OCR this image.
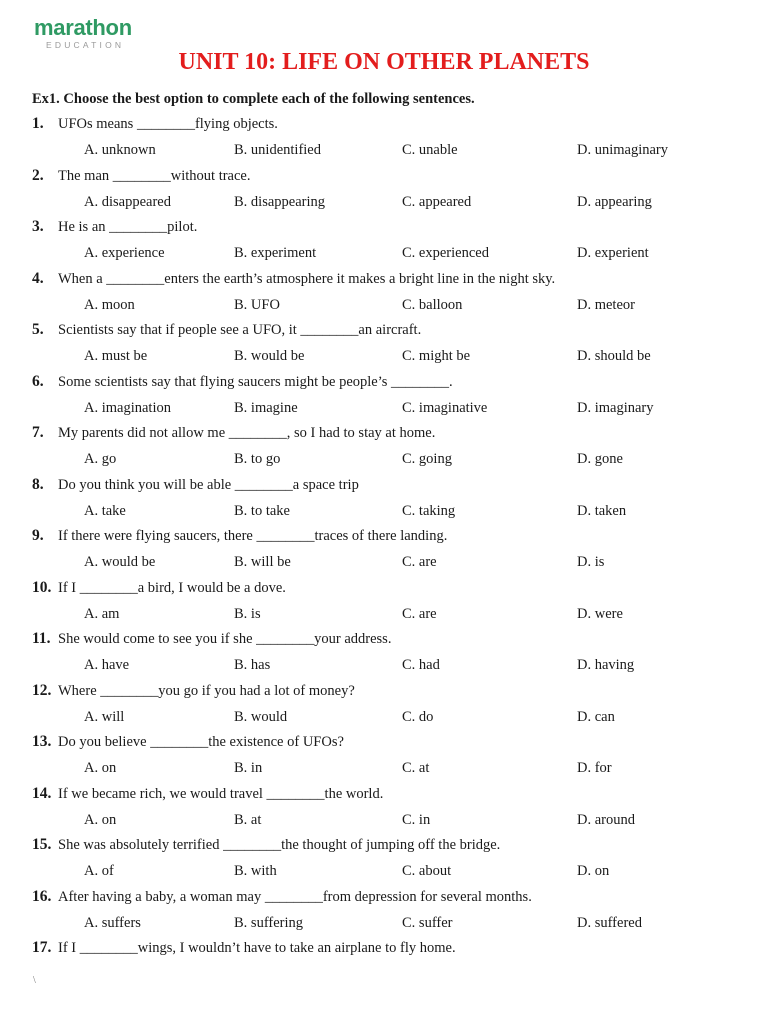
marathon
EDUCATION
UNIT 10: LIFE ON OTHER PLANETS
Ex1. Choose the best option to complete each of the following sentences.
1. UFOs means ________flying objects.
A. unknown	B. unidentified	C. unable	D. unimaginary
2. The man ________without trace.
A. disappeared	B. disappearing	C. appeared	D. appearing
3. He is an ________pilot.
A. experience	B. experiment	C. experienced	D. experient
4. When a ________enters the earth’s atmosphere it makes a bright line in the night sky.
A. moon	B. UFO	C. balloon	D. meteor
5. Scientists say that if people see a UFO, it ________an aircraft.
A. must be	B. would be	C. might be	D. should be
6. Some scientists say that flying saucers might be people’s ________.
A. imagination	B. imagine	C. imaginative	D. imaginary
7. My parents did not allow me ________, so I had to stay at home.
A. go	B. to go	C. going	D. gone
8. Do you think you will be able ________a space trip
A. take	B. to take	C. taking	D. taken
9. If there were flying saucers, there ________traces of there landing.
A. would be	B. will be	C. are	D. is
10. If I ________a bird, I would be a dove.
A. am	B. is	C. are	D. were
11. She would come to see you if she ________your address.
A. have	B. has	C. had	D. having
12. Where ________you go if you had a lot of money?
A. will	B. would	C. do	D. can
13. Do you believe ________the existence of UFOs?
A. on	B. in	C. at	D. for
14. If we became rich, we would travel ________the world.
A. on	B. at	C. in	D. around
15. She was absolutely terrified ________the thought of jumping off the bridge.
A. of	B. with	C. about	D. on
16. After having a baby, a woman may ________from depression for several months.
A. suffers	B. suffering	C. suffer	D. suffered
17. If I ________wings, I wouldn’t have to take an airplane to fly home.
\
